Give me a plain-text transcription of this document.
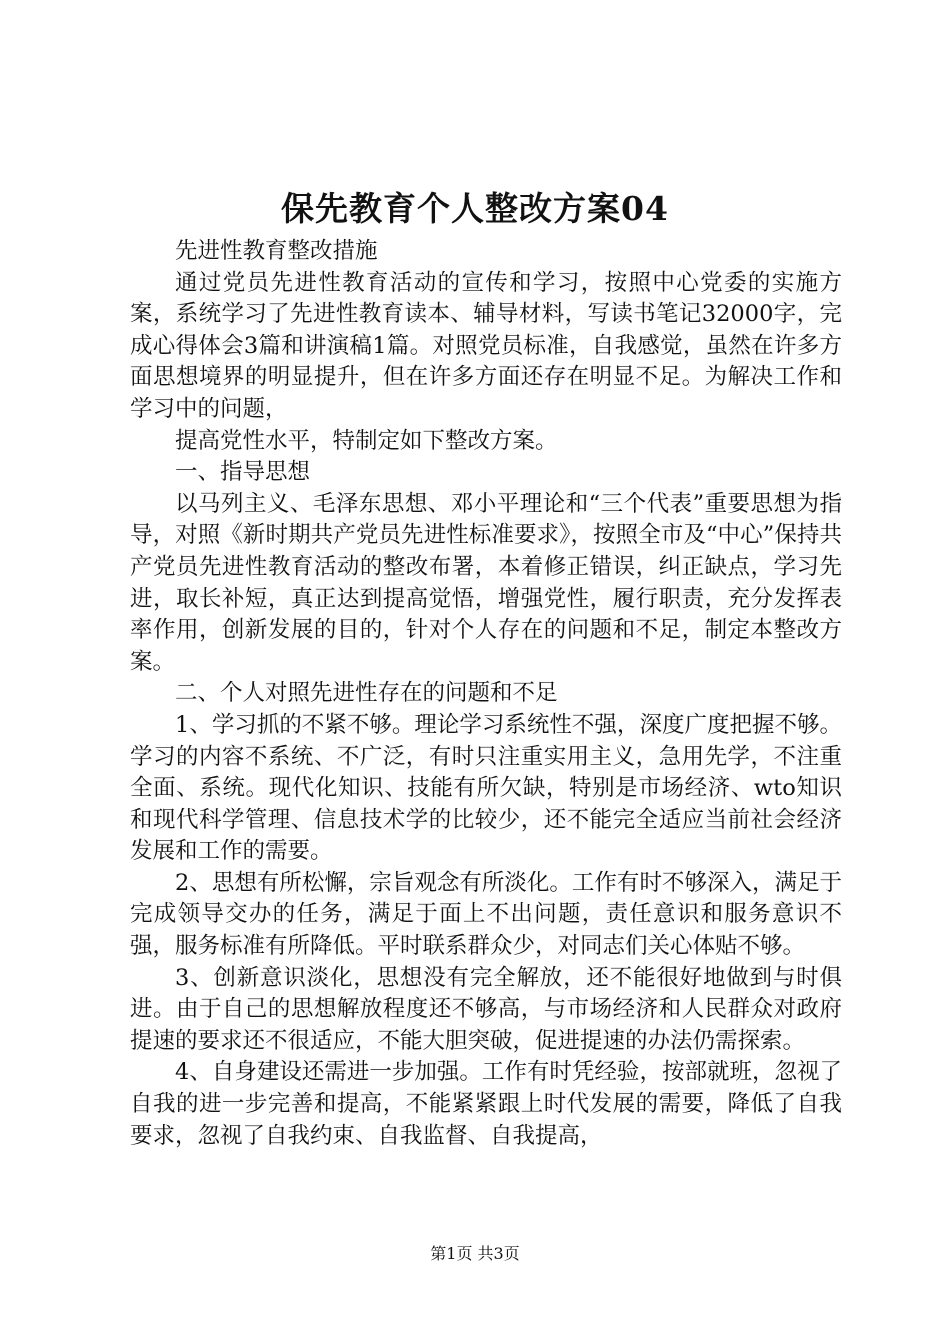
保先教育个人整改方案04

先进性教育整改措施

通过党员先进性教育活动的宣传和学习，按照中心党委的实施方案，系统学习了先进性教育读本、辅导材料，写读书笔记32000字，完成心得体会3篇和讲演稿1篇。对照党员标准，自我感觉，虽然在许多方面思想境界的明显提升，但在许多方面还存在明显不足。为解决工作和学习中的问题，

提高党性水平，特制定如下整改方案。

一、指导思想

以马列主义、毛泽东思想、邓小平理论和“三个代表”重要思想为指导，对照《新时期共产党员先进性标准要求》，按照全市及“中心”保持共产党员先进性教育活动的整改布署，本着修正错误，纠正缺点，学习先进，取长补短，真正达到提高觉悟，增强党性，履行职责，充分发挥表率作用，创新发展的目的，针对个人存在的问题和不足，制定本整改方案。

二、个人对照先进性存在的问题和不足

1、学习抓的不紧不够。理论学习系统性不强，深度广度把握不够。学习的内容不系统、不广泛，有时只注重实用主义，急用先学，不注重全面、系统。现代化知识、技能有所欠缺，特别是市场经济、wto知识和现代科学管理、信息技术学的比较少，还不能完全适应当前社会经济发展和工作的需要。

2、思想有所松懈，宗旨观念有所淡化。工作有时不够深入，满足于完成领导交办的任务，满足于面上不出问题，责任意识和服务意识不强，服务标准有所降低。平时联系群众少，对同志们关心体贴不够。

3、创新意识淡化，思想没有完全解放，还不能很好地做到与时俱进。由于自己的思想解放程度还不够高，与市场经济和人民群众对政府提速的要求还不很适应，不能大胆突破，促进提速的办法仍需探索。

4、自身建设还需进一步加强。工作有时凭经验，按部就班，忽视了自我的进一步完善和提高，不能紧紧跟上时代发展的需要，降低了自我要求，忽视了自我约束、自我监督、自我提高，

第1页 共3页
